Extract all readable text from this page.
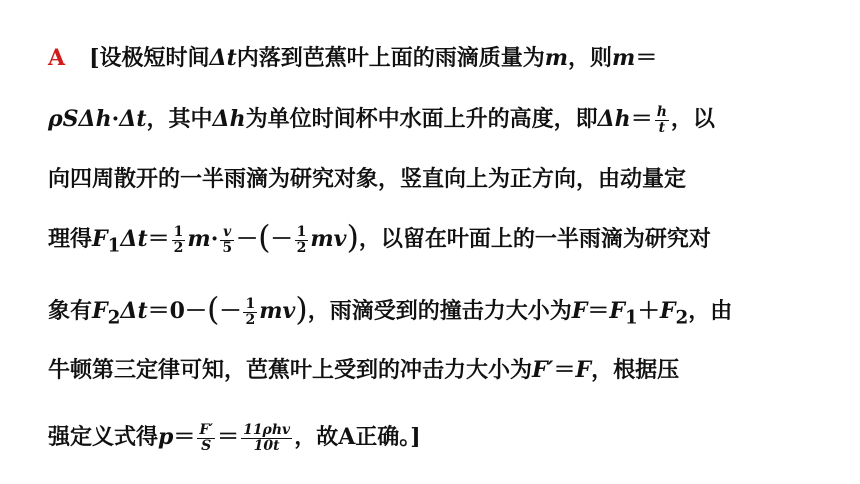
A [设极短时间Δt内落到芭蕉叶上面的雨滴质量为m，则m＝
ρSΔh·Δt，其中Δh为单位时间杯中水面上升的高度，即$\Delta h= \frac{h}{t}$ ，以
向四周散开的一半雨滴为研究对象，竖直向上为正方向，由动量定
理得$F_1\Delta t= \frac{1}{2} m\cdot \frac{v}{5}$ －(－ $\frac{1}{2} mv$)，以留在叶面上的一半雨滴为研究对
象有$F_2\Delta t=0-(- \frac{1}{2} mv)$，雨滴受到的撞击力大小为$F=F_1+F_2$，由
牛顿第三定律可知，芭蕉叶上受到的冲击力大小为F′＝F，根据压
强定义式得$p= \frac{F'}{S} = \frac{\text{11ρhv}}{10t}$ ，故A正确。]
